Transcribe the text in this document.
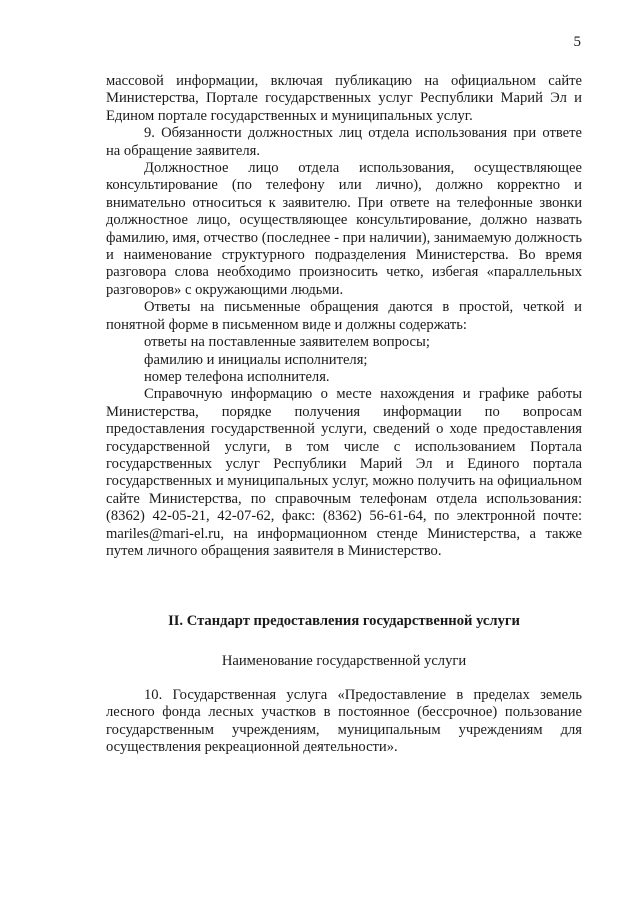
5

массовой информации, включая публикацию на официальном сайте Министерства, Портале государственных услуг Республики Марий Эл и Едином портале государственных и муниципальных услуг.

9. Обязанности должностных лиц отдела использования при ответе на обращение заявителя.

Должностное лицо отдела использования, осуществляющее консультирование (по телефону или лично), должно корректно и внимательно относиться к заявителю. При ответе на телефонные звонки должностное лицо, осуществляющее консультирование, должно назвать фамилию, имя, отчество (последнее - при наличии), занимаемую должность и наименование структурного подразделения Министерства. Во время разговора слова необходимо произносить четко, избегая «параллельных разговоров» с окружающими людьми.

Ответы на письменные обращения даются в простой, четкой и понятной форме в письменном виде и должны содержать:

ответы на поставленные заявителем вопросы;

фамилию и инициалы исполнителя;

номер телефона исполнителя.

Справочную информацию о месте нахождения и графике работы Министерства, порядке получения информации по вопросам предоставления государственной услуги, сведений о ходе предоставления государственной услуги, в том числе с использованием Портала государственных услуг Республики Марий Эл и Единого портала государственных и муниципальных услуг, можно получить на официальном сайте Министерства, по справочным телефонам отдела использования: (8362) 42-05-21, 42-07-62, факс: (8362) 56-61-64, по электронной почте: mariles@mari-el.ru, на информационном стенде Министерства, а также путем личного обращения заявителя в Министерство.

II. Стандарт предоставления государственной услуги

Наименование государственной услуги

10. Государственная услуга «Предоставление в пределах земель лесного фонда лесных участков в постоянное (бессрочное) пользование государственным учреждениям, муниципальным учреждениям для осуществления рекреационной деятельности».
